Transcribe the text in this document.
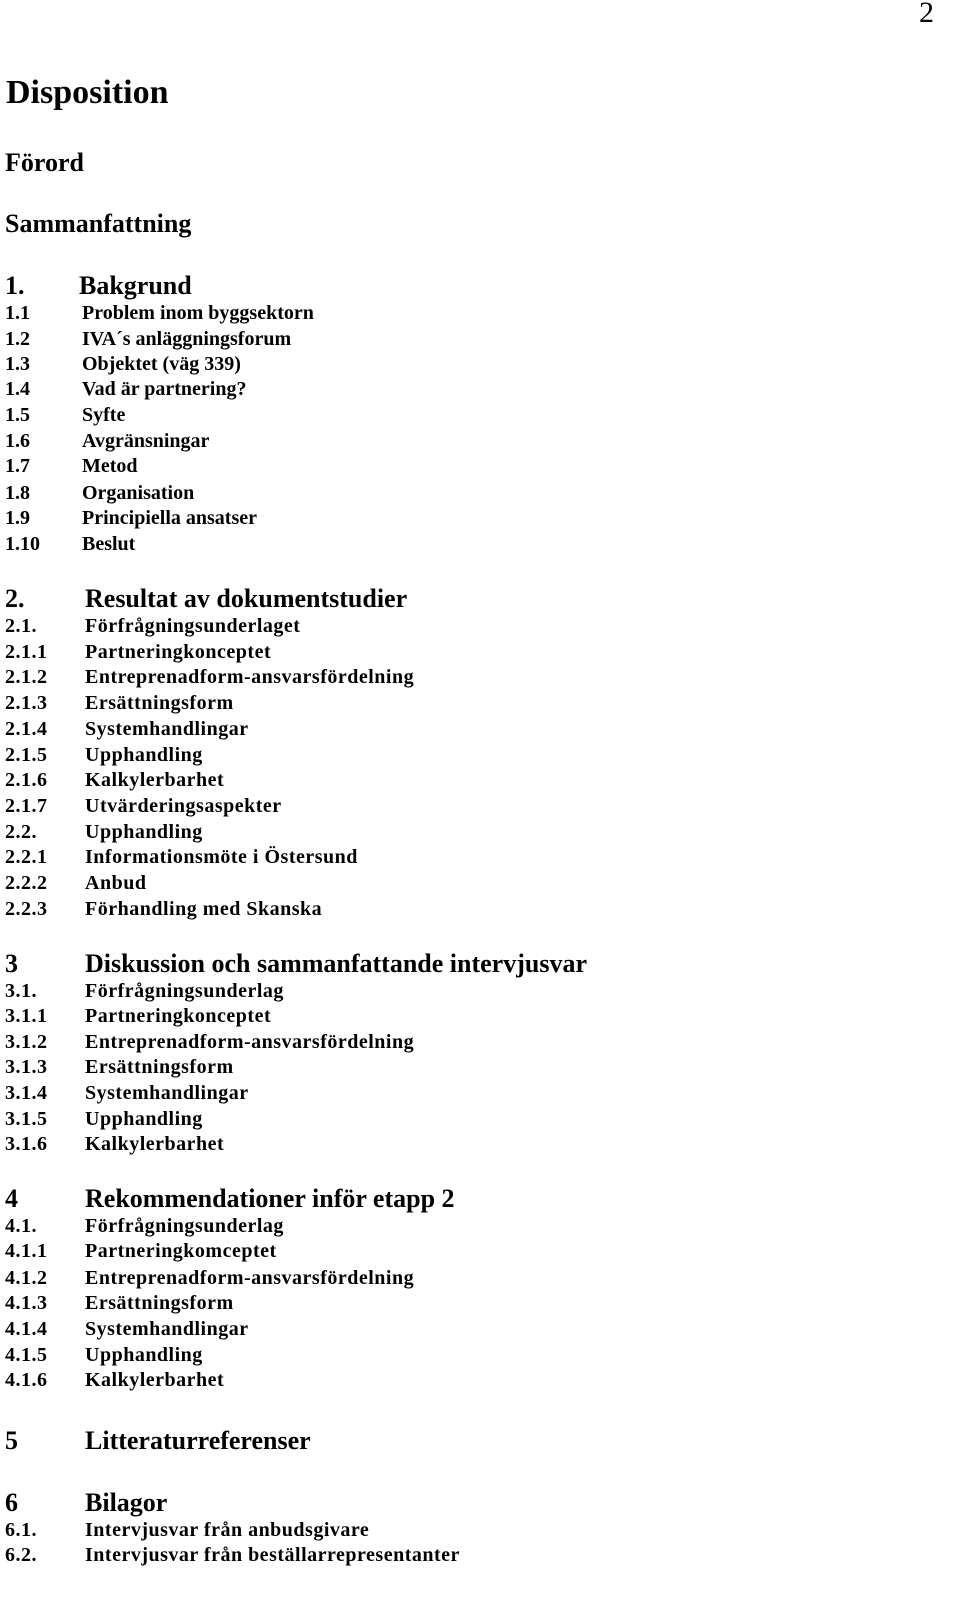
2
Disposition
Förord
Sammanfattning
1. Bakgrund
1.1	Problem inom byggsektorn
1.2	IVA´s anläggningsforum
1.3	Objektet (väg 339)
1.4	Vad är partnering?
1.5	Syfte
1.6	Avgränsningar
1.7	Metod
1.8	Organisation
1.9	Principiella ansatser
1.10 Beslut
2. Resultat av dokumentstudier
2.1. Förfrågningsunderlaget
2.1.1 Partneringkonceptet
2.1.2 Entreprenadform-ansvarsfördelning
2.1.3 Ersättningsform
2.1.4 Systemhandlingar
2.1.5 Upphandling
2.1.6 Kalkylerbarhet
2.1.7 Utvärderingsaspekter
2.2. Upphandling
2.2.1 Informationsmöte i Östersund
2.2.2 Anbud
2.2.3 Förhandling med Skanska
3	Diskussion och sammanfattande intervjusvar
3.1. Förfrågningsunderlag
3.1.1 Partneringkonceptet
3.1.2 Entreprenadform-ansvarsfördelning
3.1.3 Ersättningsform
3.1.4 Systemhandlingar
3.1.5 Upphandling
3.1.6 Kalkylerbarhet
4	Rekommendationer inför etapp 2
4.1. Förfrågningsunderlag
4.1.1 Partneringkomceptet
4.1.2 Entreprenadform-ansvarsfördelning
4.1.3 Ersättningsform
4.1.4 Systemhandlingar
4.1.5 Upphandling
4.1.6 Kalkylerbarhet
5	Litteraturreferenser
6	Bilagor
6.1. Intervjusvar från anbudsgivare
6.2. Intervjusvar från beställarrepresentanter
